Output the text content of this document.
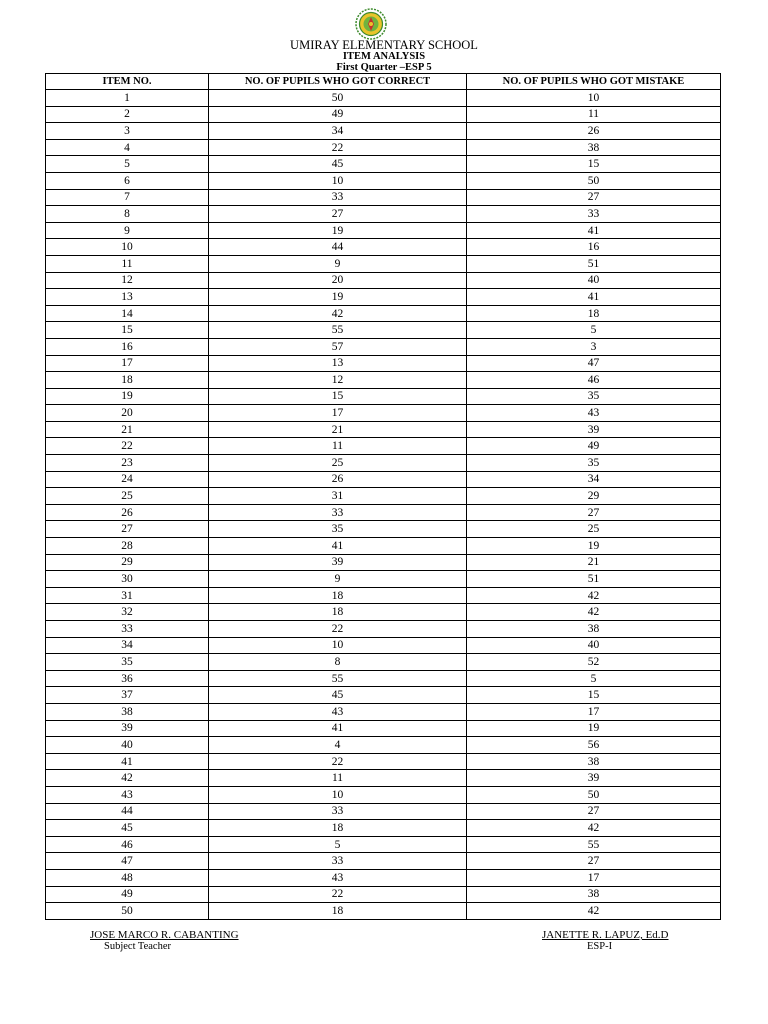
UMIRAY ELEMENTARY SCHOOL
ITEM ANALYSIS
First Quarter –ESP 5
ITEM NO.	NO. OF PUPILS WHO GOT CORRECT	NO. OF PUPILS WHO GOT MISTAKE
1	50	10
2	49	11
3	34	26
4	22	38
5	45	15
6	10	50
7	33	27
8	27	33
9	19	41
10	44	16
11	9	51
12	20	40
13	19	41
14	42	18
15	55	5
16	57	3
17	13	47
18	12	46
19	15	35
20	17	43
21	21	39
22	11	49
23	25	35
24	26	34
25	31	29
26	33	27
27	35	25
28	41	19
29	39	21
30	9	51
31	18	42
32	18	42
33	22	38
34	10	40
35	8	52
36	55	5
37	45	15
38	43	17
39	41	19
40	4	56
41	22	38
42	11	39
43	10	50
44	33	27
45	18	42
46	5	55
47	33	27
48	43	17
49	22	38
50	18	42
JOSE MARCO R. CABANTING
Subject Teacher
JANETTE R. LAPUZ, Ed.D
ESP-I
